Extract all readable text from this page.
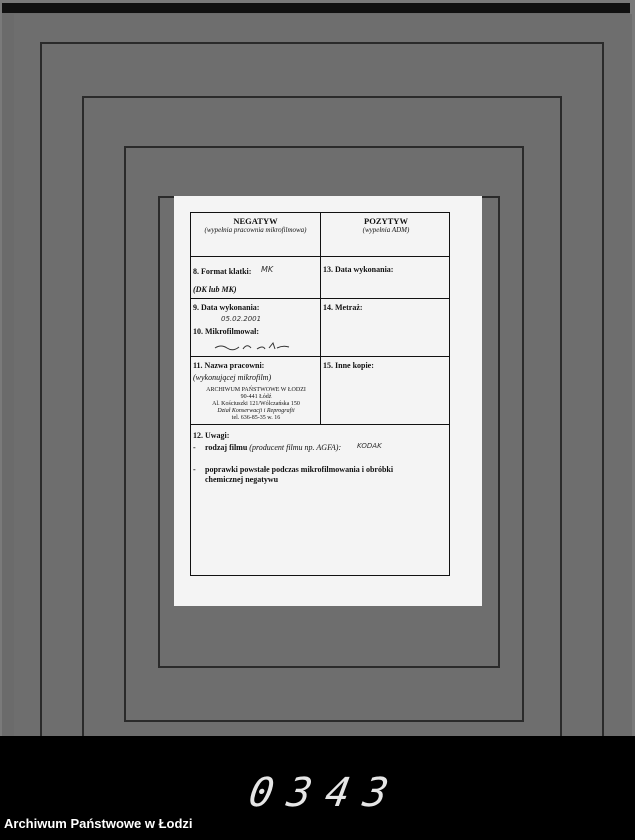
NEGATYW
(wypełnia pracownia mikrofilmowa)
POZYTYW
(wypełnia ADM)
8. Format klatki: MK
(DK lub MK)
13. Data wykonania:
9. Data wykonania:
05.02.2001
10. Mikrofilmował:
14. Metraż:
11. Nazwa pracowni:
(wykonującej mikrofilm)
ARCHIWUM PAŃSTWOWE W ŁODZI
90-441 Łódź
Al. Kościuszki 121/Wólczańska 150
Dział Konserwacji i Reprografii
tel. 636-85-35 w. 16
15. Inne kopie:
12. Uwagi:
- rodzaj filmu (producent filmu np. AGFA): KODAK
- poprawki powstałe podczas mikrofilmowania i obróbki
chemicznej negatywu
0343
Archiwum Państwowe w Łodzi
